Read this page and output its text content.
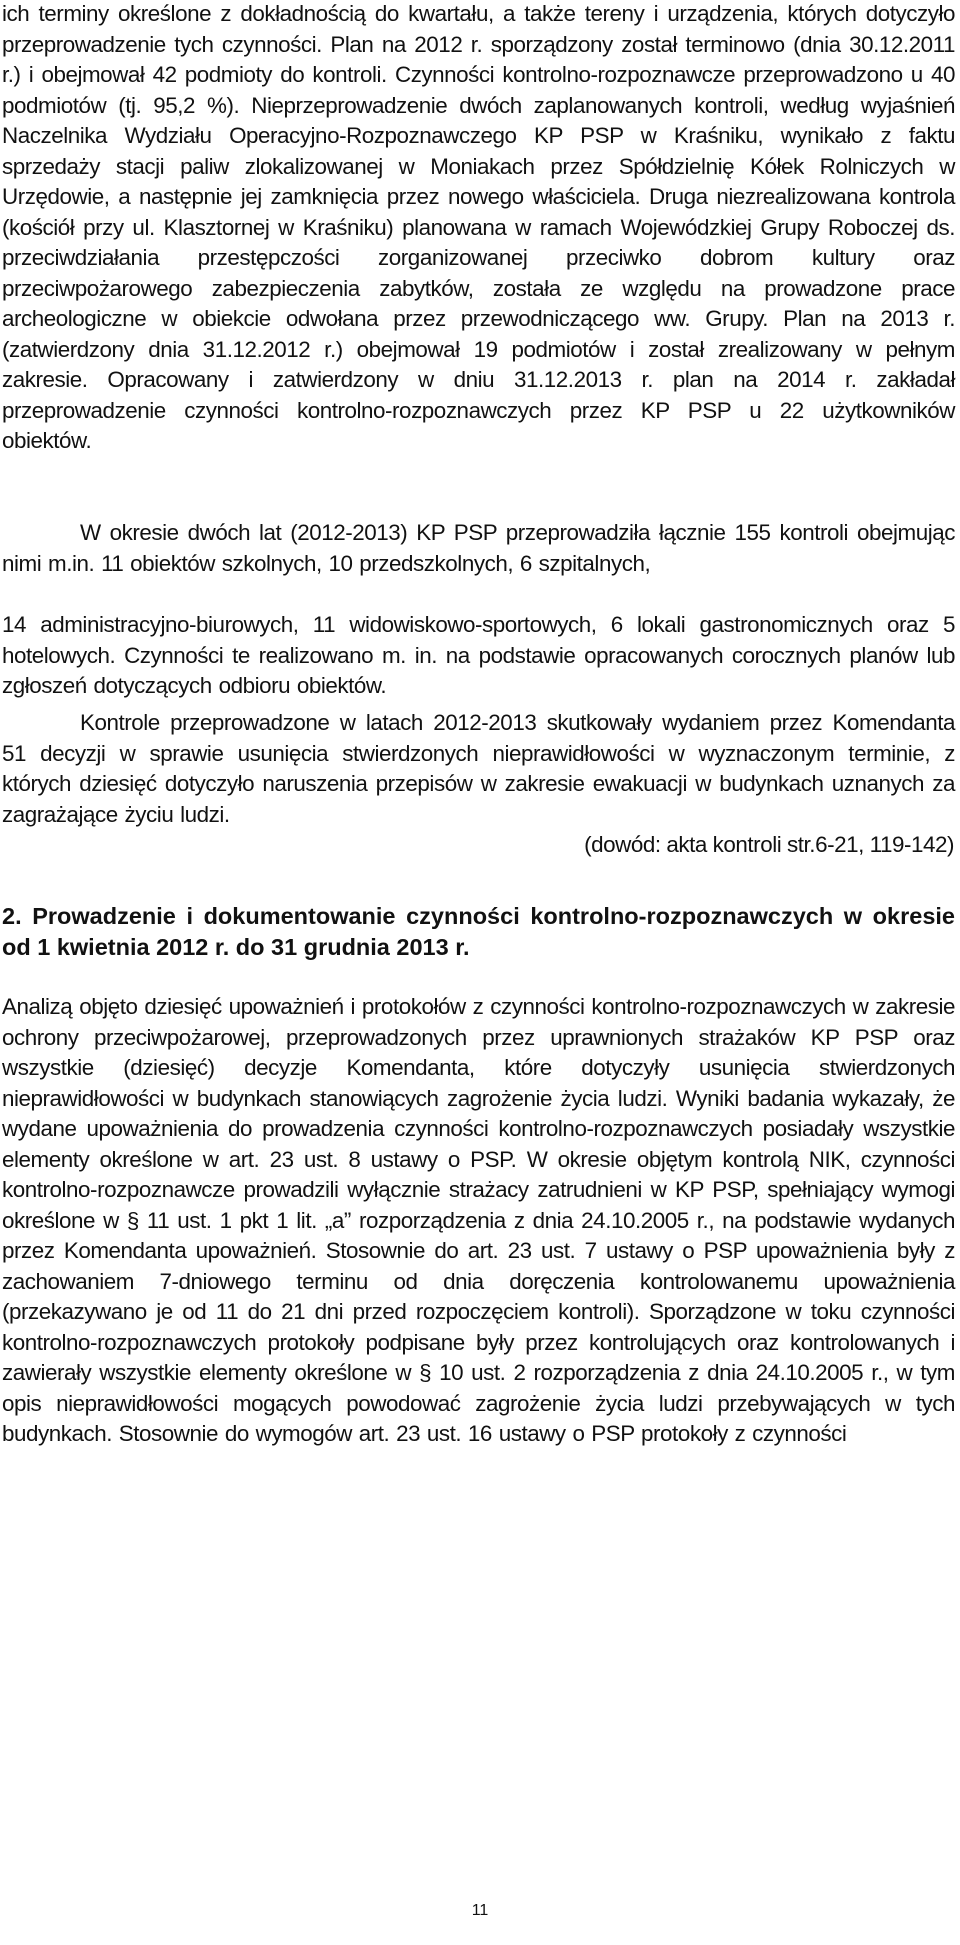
ich terminy określone z dokładnością do kwartału, a także tereny i urządzenia, których dotyczyło przeprowadzenie tych czynności. Plan na 2012 r. sporządzony został terminowo (dnia 30.12.2011 r.) i obejmował 42 podmioty do kontroli. Czynności kontrolno-rozpoznawcze przeprowadzono u 40 podmiotów (tj. 95,2 %). Nieprzeprowadzenie dwóch zaplanowanych kontroli, według wyjaśnień Naczelnika Wydziału Operacyjno-Rozpoznawczego KP PSP w Kraśniku, wynikało z faktu sprzedaży stacji paliw zlokalizowanej w Moniakach przez Spółdzielnię Kółek Rolniczych w Urzędowie, a następnie jej zamknięcia przez nowego właściciela. Druga niezrealizowana kontrola (kościół przy ul. Klasztornej w Kraśniku) planowana w ramach Wojewódzkiej Grupy Roboczej ds. przeciwdziałania przestępczości zorganizowanej przeciwko dobrom kultury oraz przeciwpożarowego zabezpieczenia zabytków, została ze względu na prowadzone prace archeologiczne w obiekcie odwołana przez przewodniczącego ww. Grupy. Plan na 2013 r. (zatwierdzony dnia 31.12.2012 r.) obejmował 19 podmiotów i został zrealizowany w pełnym zakresie. Opracowany i zatwierdzony w dniu 31.12.2013 r. plan na 2014 r. zakładał przeprowadzenie czynności kontrolno-rozpoznawczych przez KP PSP u 22 użytkowników obiektów.

W okresie dwóch lat (2012-2013) KP PSP przeprowadziła łącznie 155 kontroli obejmując nimi m.in. 11 obiektów szkolnych, 10 przedszkolnych, 6 szpitalnych,

14 administracyjno-biurowych, 11 widowiskowo-sportowych, 6 lokali gastronomicznych oraz 5 hotelowych. Czynności te realizowano m. in. na podstawie opracowanych corocznych planów lub zgłoszeń dotyczących odbioru obiektów.

Kontrole przeprowadzone w latach 2012-2013 skutkowały wydaniem przez Komendanta 51 decyzji w sprawie usunięcia stwierdzonych nieprawidłowości w wyznaczonym terminie, z których dziesięć dotyczyło naruszenia przepisów w zakresie ewakuacji w budynkach uznanych za zagrażające życiu ludzi.

(dowód: akta kontroli str.6-21, 119-142)

2. Prowadzenie i dokumentowanie czynności kontrolno-rozpoznawczych w okresie od 1 kwietnia 2012 r. do 31 grudnia 2013 r.

Analizą objęto dziesięć upoważnień i protokołów z czynności kontrolno-rozpoznawczych w zakresie ochrony przeciwpożarowej, przeprowadzonych przez uprawnionych strażaków KP PSP oraz wszystkie (dziesięć) decyzje Komendanta, które dotyczyły usunięcia stwierdzonych nieprawidłowości w budynkach stanowiących zagrożenie życia ludzi. Wyniki badania wykazały, że wydane upoważnienia do prowadzenia czynności kontrolno-rozpoznawczych posiadały wszystkie elementy określone w art. 23 ust. 8 ustawy o PSP. W okresie objętym kontrolą NIK, czynności kontrolno-rozpoznawcze prowadzili wyłącznie strażacy zatrudnieni w KP PSP, spełniający wymogi określone w § 11 ust. 1 pkt 1 lit. „a” rozporządzenia z dnia 24.10.2005 r., na podstawie wydanych przez Komendanta upoważnień. Stosownie do art. 23 ust. 7 ustawy o PSP upoważnienia były z zachowaniem 7-dniowego terminu od dnia doręczenia kontrolowanemu upoważnienia (przekazywano je od 11 do 21 dni przed rozpoczęciem kontroli). Sporządzone w toku czynności kontrolno-rozpoznawczych protokoły podpisane były przez kontrolujących oraz kontrolowanych i zawierały wszystkie elementy określone w § 10 ust. 2 rozporządzenia z dnia 24.10.2005 r., w tym opis nieprawidłowości mogących powodować zagrożenie życia ludzi przebywających w tych budynkach. Stosownie do wymogów art. 23 ust. 16 ustawy o PSP protokoły z czynności

11
